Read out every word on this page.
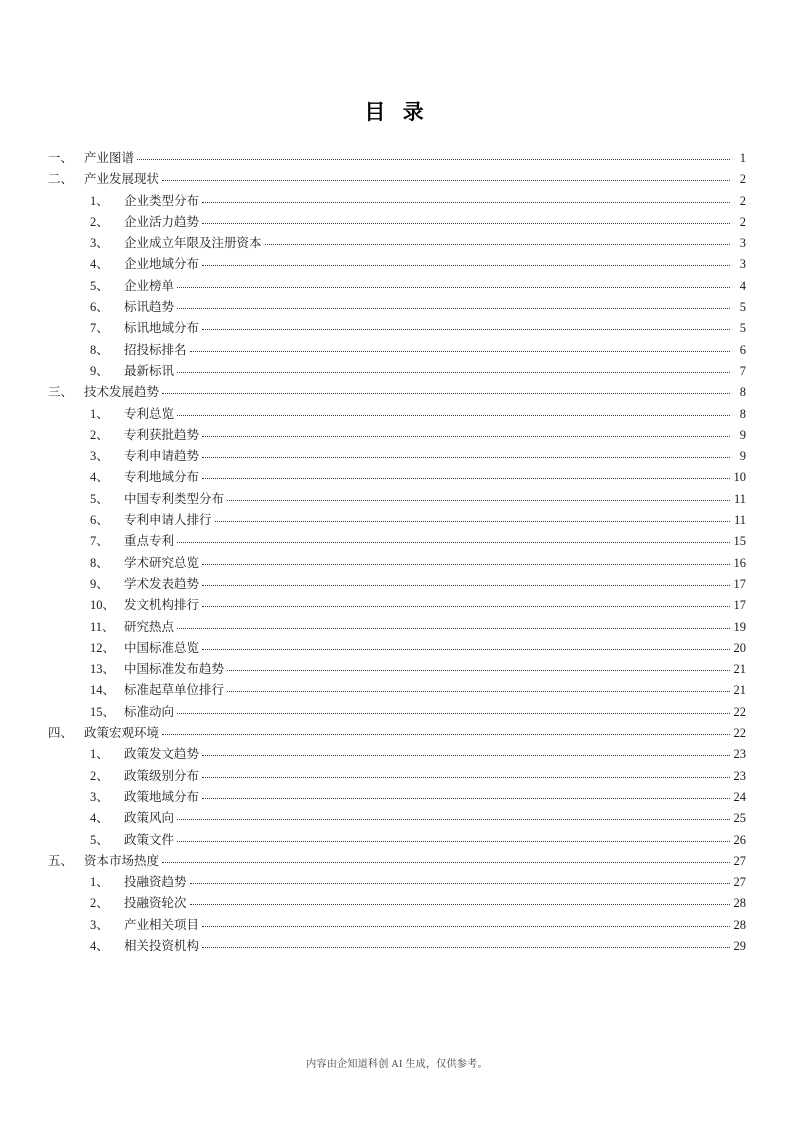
目 录
一、 产业图谱	1
二、 产业发展现状	2
1、	企业类型分布	2
2、	企业活力趋势	2
3、	企业成立年限及注册资本	3
4、	企业地域分布	3
5、	企业榜单	4
6、	标讯趋势	5
7、	标讯地域分布	5
8、	招投标排名	6
9、	最新标讯	7
三、 技术发展趋势	8
1、	专利总览	8
2、	专利获批趋势	9
3、	专利申请趋势	9
4、	专利地域分布	10
5、	中国专利类型分布	11
6、	专利申请人排行	11
7、	重点专利	15
8、	学术研究总览	16
9、	学术发表趋势	17
10、 发文机构排行	17
11、 研究热点	19
12、 中国标准总览	20
13、 中国标准发布趋势	21
14、 标准起草单位排行	21
15、 标准动向	22
四、 政策宏观环境	22
1、	政策发文趋势	23
2、	政策级别分布	23
3、	政策地域分布	24
4、	政策风向	25
5、	政策文件	26
五、 资本市场热度	27
1、	投融资趋势	27
2、	投融资轮次	28
3、	产业相关项目	28
4、	相关投资机构	29
内容由企知道科创 AI 生成，仅供参考。
